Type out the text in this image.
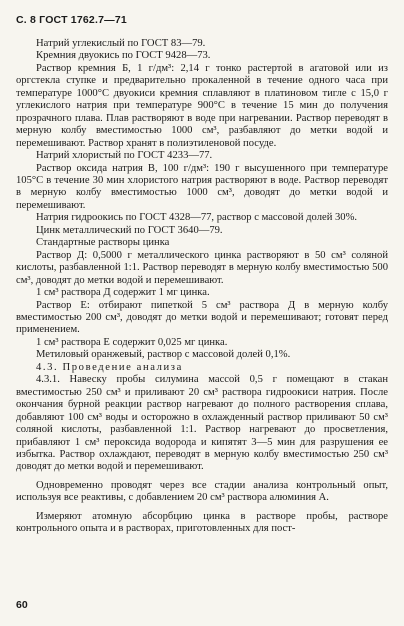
С. 8 ГОСТ 1762.7—71

Натрий углекислый по ГОСТ 83—79.

Кремния двуокись по ГОСТ 9428—73.

Раствор кремния Б, 1 г/дм³: 2,14 г тонко растертой в агатовой или из оргстекла ступке и предварительно прокаленной в течение одного часа при температуре 1000°С двуокиси кремния сплавляют в платиновом тигле с 15,0 г углекислого натрия при температуре 900°С в течение 15 мин до получения прозрачного плава. Плав растворяют в воде при нагревании. Раствор переводят в мерную колбу вместимостью 1000 см³, разбавляют до метки водой и перемешивают. Раствор хранят в полиэтиленовой посуде.

Натрий хлористый по ГОСТ 4233—77.

Раствор оксида натрия В, 100 г/дм³: 190 г высушенного при температуре 105°С в течение 30 мин хлористого натрия растворяют в воде. Раствор переводят в мерную колбу вместимостью 1000 см³, доводят до метки водой и перемешивают.

Натрия гидроокись по ГОСТ 4328—77, раствор с массовой долей 30%.

Цинк металлический по ГОСТ 3640—79.

Стандартные растворы цинка

Раствор Д: 0,5000 г металлического цинка растворяют в 50 см³ соляной кислоты, разбавленной 1:1. Раствор переводят в мерную колбу вместимостью 500 см³, доводят до метки водой и перемешивают.

1 см³ раствора Д содержит 1 мг цинка.

Раствор Е: отбирают пипеткой 5 см³ раствора Д в мерную колбу вместимостью 200 см³, доводят до метки водой и перемешивают; готовят перед применением.

1 см³ раствора Е содержит 0,025 мг цинка.

Метиловый оранжевый, раствор с массовой долей 0,1%.

4.3. Проведение анализа

4.3.1. Навеску пробы силумина массой 0,5 г помещают в стакан вместимостью 250 см³ и приливают 20 см³ раствора гидроокиси натрия. После окончания бурной реакции раствор нагревают до полного растворения сплава, добавляют 100 см³ воды и осторожно в охлажденный раствор приливают 50 см³ соляной кислоты, разбавленной 1:1. Раствор нагревают до просветления, прибавляют 1 см³ пероксида водорода и кипятят 3—5 мин для разрушения ее избытка. Раствор охлаждают, переводят в мерную колбу вместимостью 250 см³ доводят до метки водой и перемешивают.

Одновременно проводят через все стадии анализа контрольный опыт, используя все реактивы, с добавлением 20 см³ раствора алюминия А.

Измеряют атомную абсорбцию цинка в растворе пробы, растворе контрольного опыта и в растворах, приготовленных для пост-

60
